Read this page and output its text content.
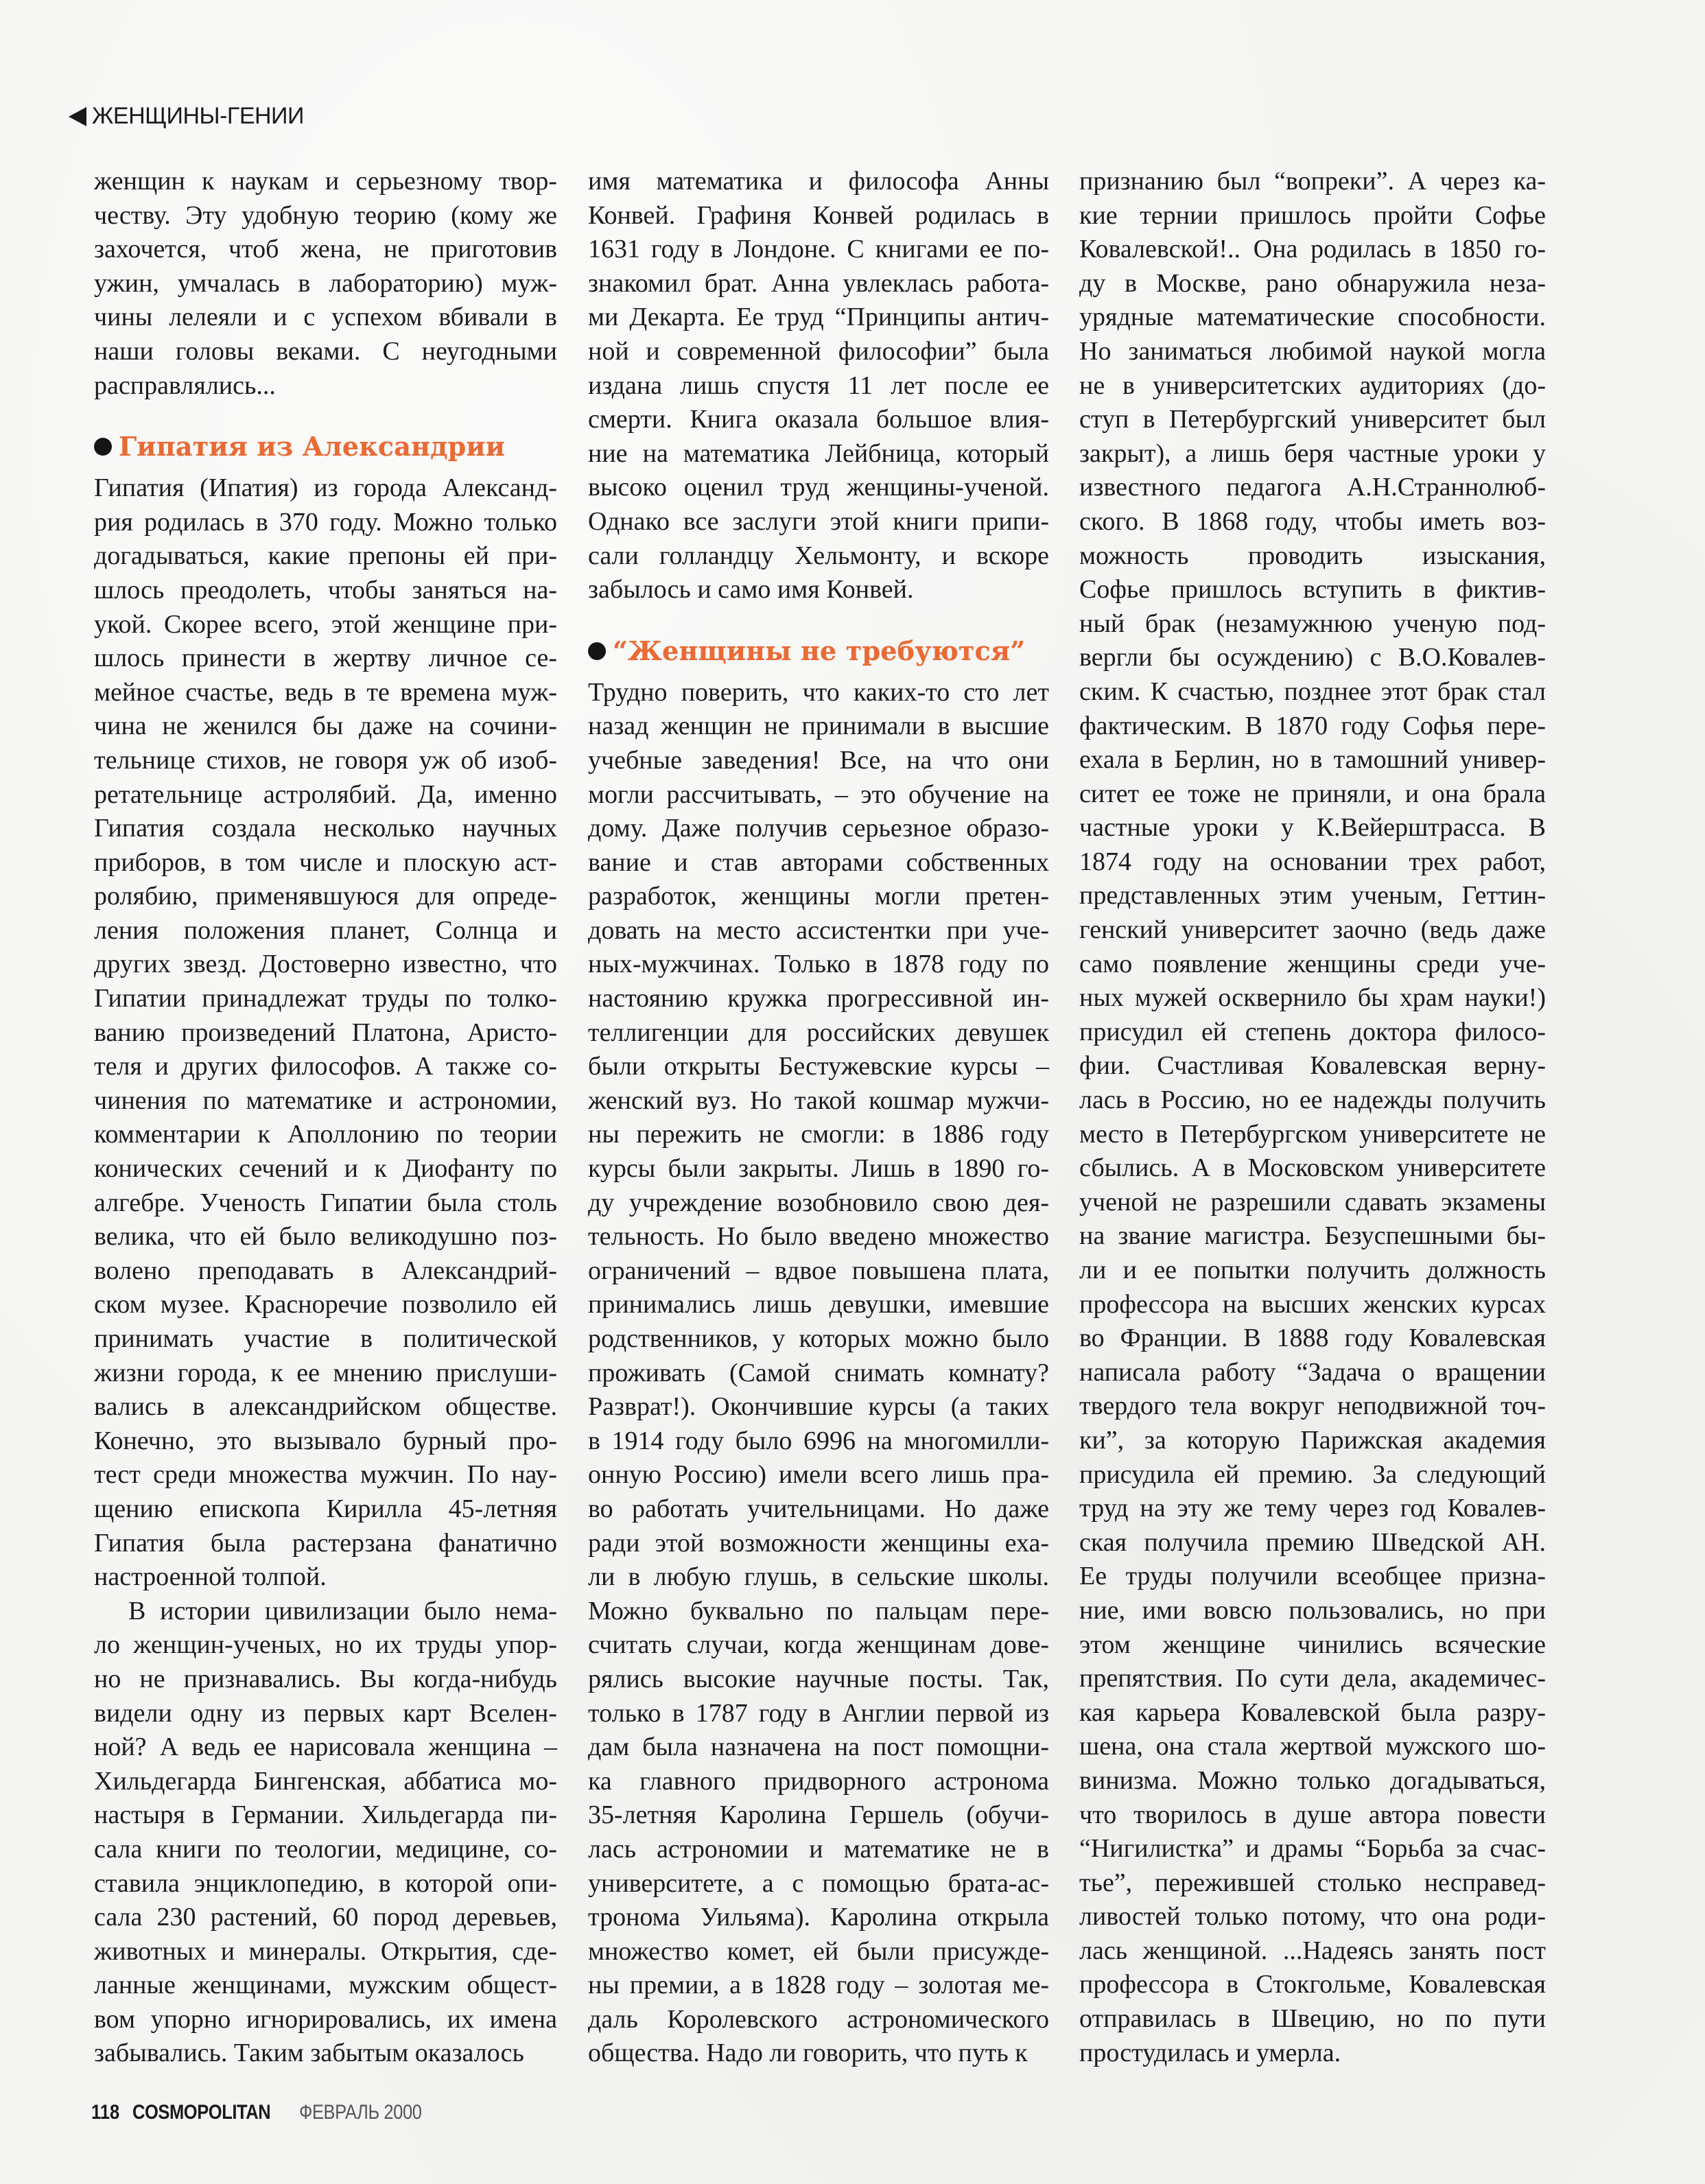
ЖЕНЩИНЫ-ГЕНИИ
женщин к наукам и серьезному твор-
честву. Эту удобную теорию (кому же
захочется, чтоб жена, не приготовив
ужин, умчалась в лабораторию) муж-
чины лелеяли и с успехом вбивали в
наши головы веками. С неугодными
расправлялись...
Гипатия из Александрии
Гипатия (Ипатия) из города Александ-
рия родилась в 370 году. Можно только
догадываться, какие препоны ей при-
шлось преодолеть, чтобы заняться на-
укой. Скорее всего, этой женщине при-
шлось принести в жертву личное се-
мейное счастье, ведь в те времена муж-
чина не женился бы даже на сочини-
тельнице стихов, не говоря уж об изоб-
ретательнице астролябий. Да, именно
Гипатия создала несколько научных
приборов, в том числе и плоскую аст-
ролябию, применявшуюся для опреде-
ления положения планет, Солнца и
других звезд. Достоверно известно, что
Гипатии принадлежат труды по толко-
ванию произведений Платона, Аристо-
теля и других философов. А также со-
чинения по математике и астрономии,
комментарии к Аполлонию по теории
конических сечений и к Диофанту по
алгебре. Ученость Гипатии была столь
велика, что ей было великодушно поз-
волено преподавать в Александрий-
ском музее. Красноречие позволило ей
принимать участие в политической
жизни города, к ее мнению прислуши-
вались в александрийском обществе.
Конечно, это вызывало бурный про-
тест среди множества мужчин. По нау-
щению епископа Кирилла 45-летняя
Гипатия была растерзана фанатично
настроенной толпой.
В истории цивилизации было нема-
ло женщин-ученых, но их труды упор-
но не признавались. Вы когда-нибудь
видели одну из первых карт Вселен-
ной? А ведь ее нарисовала женщина –
Хильдегарда Бингенская, аббатиса мо-
настыря в Германии. Хильдегарда пи-
сала книги по теологии, медицине, со-
ставила энциклопедию, в которой опи-
сала 230 растений, 60 пород деревьев,
животных и минералы. Открытия, сде-
ланные женщинами, мужским общест-
вом упорно игнорировались, их имена
забывались. Таким забытым оказалось
имя математика и философа Анны
Конвей. Графиня Конвей родилась в
1631 году в Лондоне. С книгами ее по-
знакомил брат. Анна увлеклась работа-
ми Декарта. Ее труд “Принципы антич-
ной и современной философии” была
издана лишь спустя 11 лет после ее
смерти. Книга оказала большое влия-
ние на математика Лейбница, который
высоко оценил труд женщины-ученой.
Однако все заслуги этой книги припи-
сали голландцу Хельмонту, и вскоре
забылось и само имя Конвей.
“Женщины не требуются”
Трудно поверить, что каких-то сто лет
назад женщин не принимали в высшие
учебные заведения! Все, на что они
могли рассчитывать, – это обучение на
дому. Даже получив серьезное образо-
вание и став авторами собственных
разработок, женщины могли претен-
довать на место ассистентки при уче-
ных-мужчинах. Только в 1878 году по
настоянию кружка прогрессивной ин-
теллигенции для российских девушек
были открыты Бестужевские курсы –
женский вуз. Но такой кошмар мужчи-
ны пережить не смогли: в 1886 году
курсы были закрыты. Лишь в 1890 го-
ду учреждение возобновило свою дея-
тельность. Но было введено множество
ограничений – вдвое повышена плата,
принимались лишь девушки, имевшие
родственников, у которых можно было
проживать (Самой снимать комнату?
Разврат!). Окончившие курсы (а таких
в 1914 году было 6996 на многомилли-
онную Россию) имели всего лишь пра-
во работать учительницами. Но даже
ради этой возможности женщины еха-
ли в любую глушь, в сельские школы.
Можно буквально по пальцам пере-
считать случаи, когда женщинам дове-
рялись высокие научные посты. Так,
только в 1787 году в Англии первой из
дам была назначена на пост помощни-
ка главного придворного астронома
35-летняя Каролина Гершель (обучи-
лась астрономии и математике не в
университете, а с помощью брата-ас-
тронома Уильяма). Каролина открыла
множество комет, ей были присужде-
ны премии, а в 1828 году – золотая ме-
даль Королевского астрономического
общества. Надо ли говорить, что путь к
признанию был “вопреки”. А через ка-
кие тернии пришлось пройти Софье
Ковалевской!.. Она родилась в 1850 го-
ду в Москве, рано обнаружила неза-
урядные математические способности.
Но заниматься любимой наукой могла
не в университетских аудиториях (до-
ступ в Петербургский университет был
закрыт), а лишь беря частные уроки у
известного педагога А.Н.Страннолюб-
ского. В 1868 году, чтобы иметь воз-
можность проводить изыскания,
Софье пришлось вступить в фиктив-
ный брак (незамужнюю ученую под-
вергли бы осуждению) с В.О.Ковалев-
ским. К счастью, позднее этот брак стал
фактическим. В 1870 году Софья пере-
ехала в Берлин, но в тамошний универ-
ситет ее тоже не приняли, и она брала
частные уроки у К.Вейерштрасса. В
1874 году на основании трех работ,
представленных этим ученым, Геттин-
генский университет заочно (ведь даже
само появление женщины среди уче-
ных мужей осквернило бы храм науки!)
присудил ей степень доктора филосо-
фии. Счастливая Ковалевская верну-
лась в Россию, но ее надежды получить
место в Петербургском университете не
сбылись. А в Московском университете
ученой не разрешили сдавать экзамены
на звание магистра. Безуспешными бы-
ли и ее попытки получить должность
профессора на высших женских курсах
во Франции. В 1888 году Ковалевская
написала работу “Задача о вращении
твердого тела вокруг неподвижной точ-
ки”, за которую Парижская академия
присудила ей премию. За следующий
труд на эту же тему через год Ковалев-
ская получила премию Шведской АН.
Ее труды получили всеобщее призна-
ние, ими вовсю пользовались, но при
этом женщине чинились всяческие
препятствия. По сути дела, академичес-
кая карьера Ковалевской была разру-
шена, она стала жертвой мужского шо-
винизма. Можно только догадываться,
что творилось в душе автора повести
“Нигилистка” и драмы “Борьба за счас-
тье”, пережившей столько несправед-
ливостей только потому, что она роди-
лась женщиной. ...Надеясь занять пост
профессора в Стокгольме, Ковалевская
отправилась в Швецию, но по пути
простудилась и умерла.
118 COSMOPOLITAN ФЕВРАЛЬ 2000
